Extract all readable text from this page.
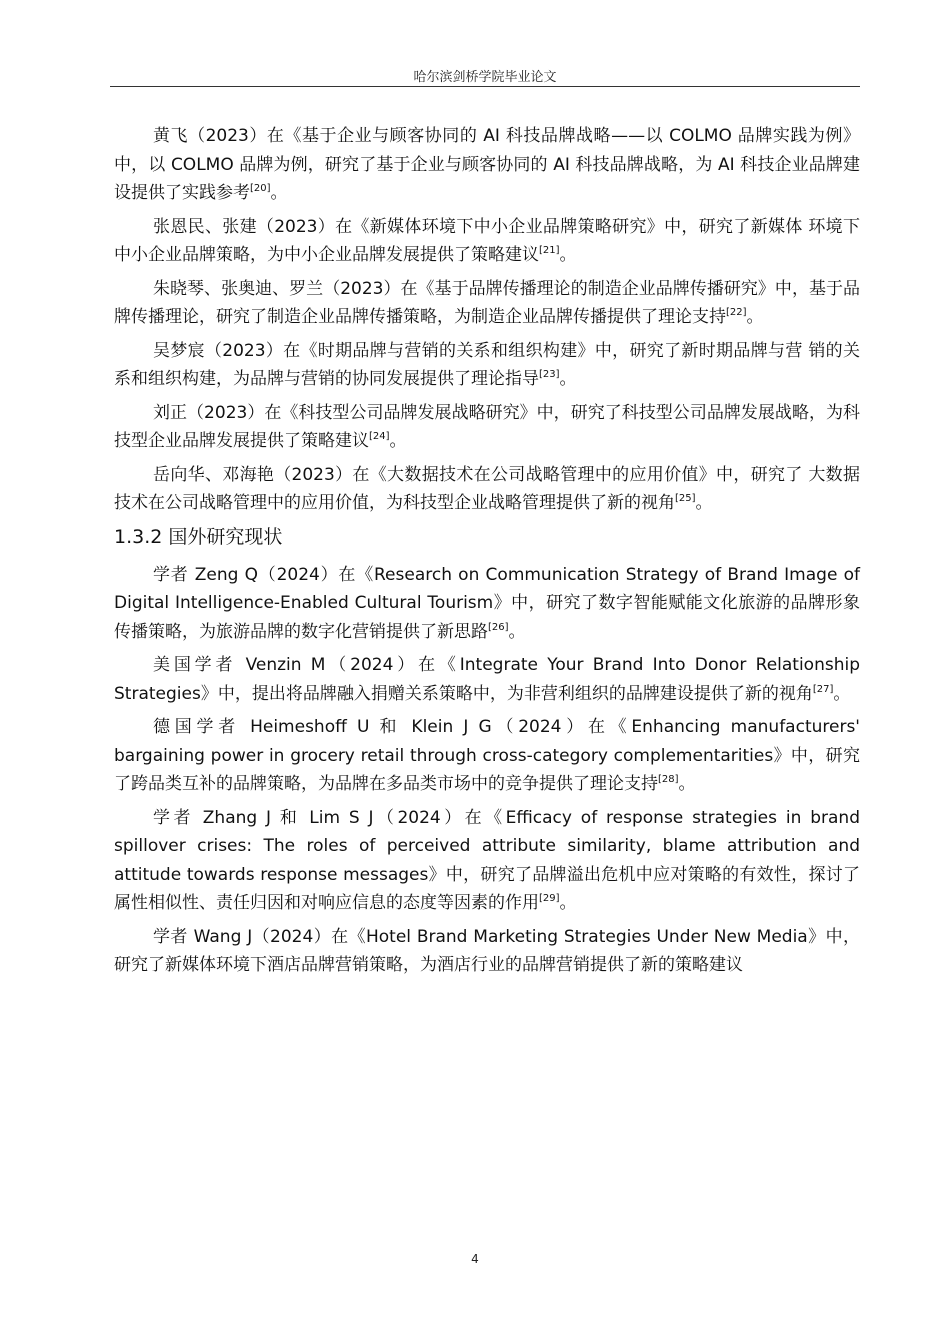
哈尔滨剑桥学院毕业论文

黄飞（2023）在《基于企业与顾客协同的 AI 科技品牌战略——以 COLMO 品牌实践为例》中，以 COLMO 品牌为例，研究了基于企业与顾客协同的 AI 科技品牌战略，为 AI 科技企业品牌建设提供了实践参考[20]。

张恩民、张建（2023）在《新媒体环境下中小企业品牌策略研究》中，研究了新媒体 环境下中小企业品牌策略，为中小企业品牌发展提供了策略建议[21]。

朱晓琴、张奥迪、罗兰（2023）在《基于品牌传播理论的制造企业品牌传播研究》中，基于品牌传播理论，研究了制造企业品牌传播策略，为制造企业品牌传播提供了理论支持[22]。

吴梦宸（2023）在《时期品牌与营销的关系和组织构建》中，研究了新时期品牌与营 销的关系和组织构建，为品牌与营销的协同发展提供了理论指导[23]。

刘正（2023）在《科技型公司品牌发展战略研究》中，研究了科技型公司品牌发展战略，为科技型企业品牌发展提供了策略建议[24]。

岳向华、邓海艳（2023）在《大数据技术在公司战略管理中的应用价值》中，研究了 大数据技术在公司战略管理中的应用价值，为科技型企业战略管理提供了新的视角[25]。

1.3.2 国外研究现状

学者 Zeng Q（2024）在《Research on Communication Strategy of Brand Image of Digital Intelligence-Enabled Cultural Tourism》中，研究了数字智能赋能文化旅游的品牌形象传播策略，为旅游品牌的数字化营销提供了新思路[26]。

美国学者 Venzin M（2024）在《Integrate Your Brand Into Donor Relationship Strategies》中，提出将品牌融入捐赠关系策略中，为非营利组织的品牌建设提供了新的视角[27]。

德国学者 Heimeshoff U 和 Klein J G（2024）在《Enhancing manufacturers' bargaining power in grocery retail through cross-category complementarities》中，研究了跨品类互补的品牌策略，为品牌在多品类市场中的竞争提供了理论支持[28]。

学者 Zhang J 和 Lim S J（2024）在《Efficacy of response strategies in brand spillover crises: The roles of perceived attribute similarity, blame attribution and attitude towards response messages》中，研究了品牌溢出危机中应对策略的有效性，探讨了属性相似性、责任归因和对响应信息的态度等因素的作用[29]。

学者 Wang J（2024）在《Hotel Brand Marketing Strategies Under New Media》中，研究了新媒体环境下酒店品牌营销策略，为酒店行业的品牌营销提供了新的策略建议

4
